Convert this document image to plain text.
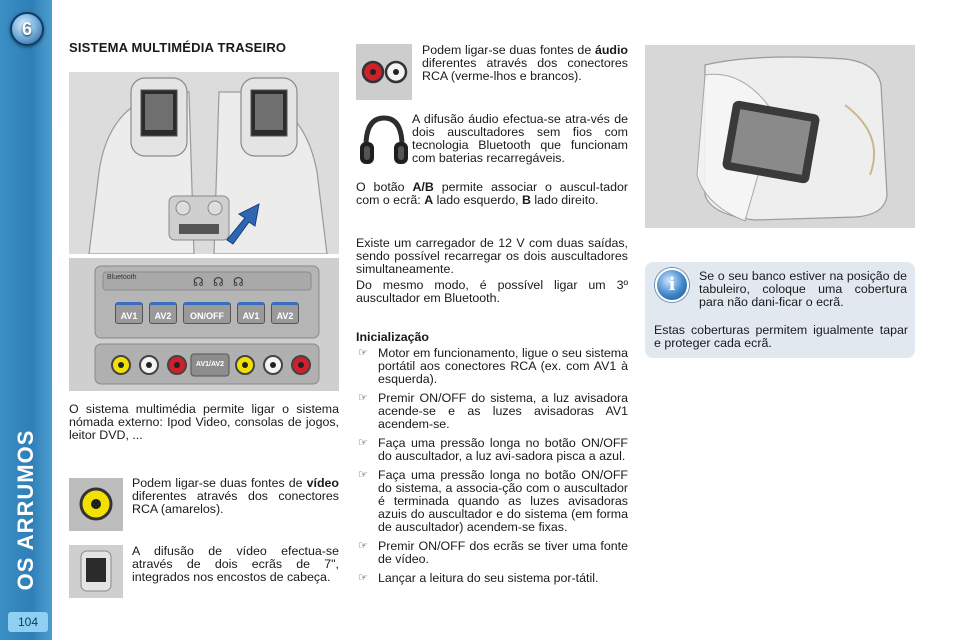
6
OS ARRUMOS
104
SISTEMA MULTIMÉDIA TRASEIRO
Bluetooth	☊ ☊ ☊
AV1	AV2	ON/OFF	AV1	AV2
AV1/AV2

O sistema multimédia permite ligar o sistema nómada externo: Ipod Video, consolas de jogos, leitor DVD, ...

Podem ligar-se duas fontes de vídeo diferentes através dos conectores RCA (amarelos).

A difusão de vídeo efectua-se através de dois ecrãs de 7", integrados nos encostos de cabeça.

Podem ligar-se duas fontes de áudio diferentes através dos conectores RCA (verme-lhos e brancos).

A difusão áudio efectua-se atra-vés de dois auscultadores sem fios com tecnologia Bluetooth que funcionam com baterias recarregáveis.

O botão A/B permite associar o auscul-tador com o ecrã: A lado esquerdo, B lado direito.

Existe um carregador de 12 V com duas saídas, sendo possível recarregar os dois auscultadores simultaneamente.

Do mesmo modo, é possível ligar um 3º auscultador em Bluetooth.

Inicialização
☞ Motor em funcionamento, ligue o seu sistema portátil aos conectores RCA (ex. com AV1 à esquerda).
☞ Premir ON/OFF do sistema, a luz avisadora acende-se e as luzes avisadoras AV1 acendem-se.
☞ Faça uma pressão longa no botão ON/OFF do auscultador, a luz avi-sadora pisca a azul.
☞ Faça uma pressão longa no botão ON/OFF do sistema, a associa-ção com o auscultador é terminada quando as luzes avisadoras azuis do auscultador e do sistema (em forma de auscultador) acendem-se fixas.
☞ Premir ON/OFF dos ecrãs se tiver uma fonte de vídeo.
☞ Lançar a leitura do seu sistema por-tátil.
i	Se o seu banco estiver na posição de tabuleiro, coloque uma cobertura para não dani-ficar o ecrã.

Estas coberturas permitem igualmente tapar e proteger cada ecrã.
